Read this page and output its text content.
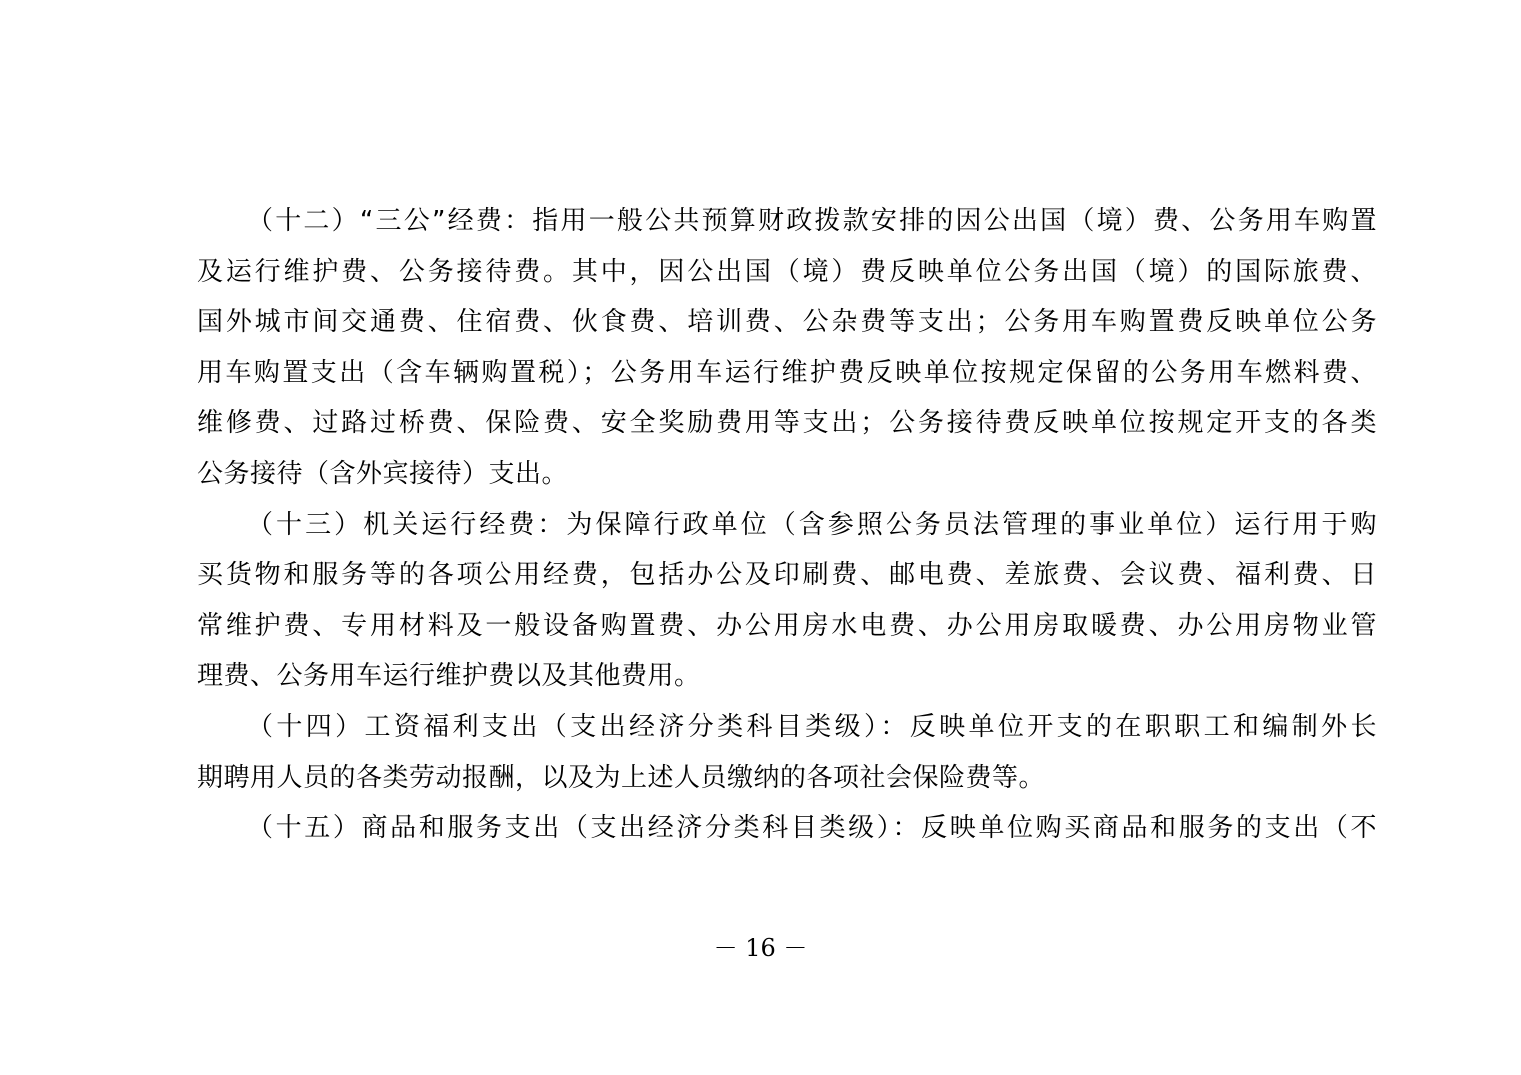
（十二）“三公”经费：指用一般公共预算财政拨款安排的因公出国（境）费、公务用车购置
及运行维护费、公务接待费。其中，因公出国（境）费反映单位公务出国（境）的国际旅费、
国外城市间交通费、住宿费、伙食费、培训费、公杂费等支出；公务用车购置费反映单位公务
用车购置支出（含车辆购置税）；公务用车运行维护费反映单位按规定保留的公务用车燃料费、
维修费、过路过桥费、保险费、安全奖励费用等支出；公务接待费反映单位按规定开支的各类
公务接待（含外宾接待）支出。
（十三）机关运行经费：为保障行政单位（含参照公务员法管理的事业单位）运行用于购
买货物和服务等的各项公用经费，包括办公及印刷费、邮电费、差旅费、会议费、福利费、日
常维护费、专用材料及一般设备购置费、办公用房水电费、办公用房取暖费、办公用房物业管
理费、公务用车运行维护费以及其他费用。
（十四）工资福利支出（支出经济分类科目类级）：反映单位开支的在职职工和编制外长
期聘用人员的各类劳动报酬，以及为上述人员缴纳的各项社会保险费等。
（十五）商品和服务支出（支出经济分类科目类级）：反映单位购买商品和服务的支出（不
－ 16 －
